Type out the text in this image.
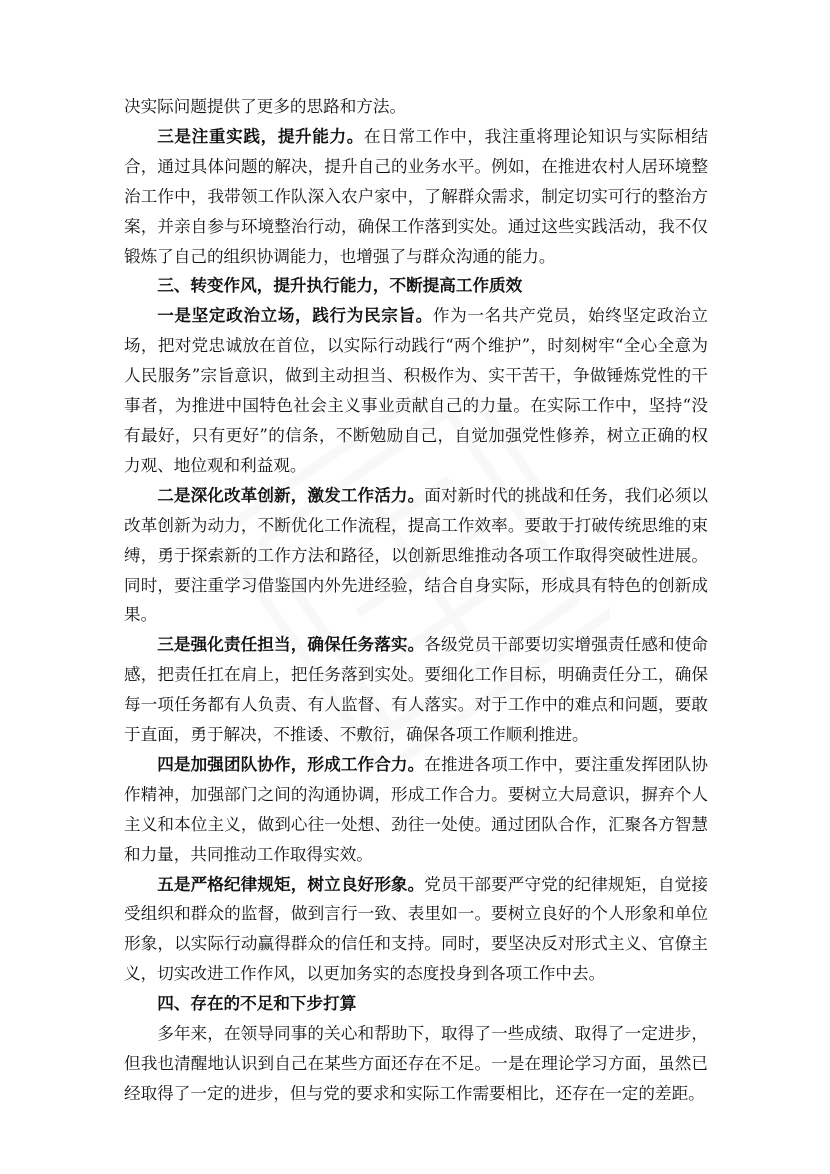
决实际问题提供了更多的思路和方法。

三是注重实践，提升能力。在日常工作中，我注重将理论知识与实际相结合，通过具体问题的解决，提升自己的业务水平。例如，在推进农村人居环境整治工作中，我带领工作队深入农户家中，了解群众需求，制定切实可行的整治方案，并亲自参与环境整治行动，确保工作落到实处。通过这些实践活动，我不仅锻炼了自己的组织协调能力，也增强了与群众沟通的能力。

三、转变作风，提升执行能力，不断提高工作质效

一是坚定政治立场，践行为民宗旨。作为一名共产党员，始终坚定政治立场，把对党忠诚放在首位，以实际行动践行“两个维护”，时刻树牢“全心全意为人民服务”宗旨意识，做到主动担当、积极作为、实干苦干，争做锤炼党性的干事者，为推进中国特色社会主义事业贡献自己的力量。在实际工作中，坚持“没有最好，只有更好”的信条，不断勉励自己，自觉加强党性修养，树立正确的权力观、地位观和利益观。

二是深化改革创新，激发工作活力。面对新时代的挑战和任务，我们必须以改革创新为动力，不断优化工作流程，提高工作效率。要敢于打破传统思维的束缚，勇于探索新的工作方法和路径，以创新思维推动各项工作取得突破性进展。同时，要注重学习借鉴国内外先进经验，结合自身实际，形成具有特色的创新成果。

三是强化责任担当，确保任务落实。各级党员干部要切实增强责任感和使命感，把责任扛在肩上，把任务落到实处。要细化工作目标，明确责任分工，确保每一项任务都有人负责、有人监督、有人落实。对于工作中的难点和问题，要敢于直面，勇于解决，不推诿、不敷衍，确保各项工作顺利推进。

四是加强团队协作，形成工作合力。在推进各项工作中，要注重发挥团队协作精神，加强部门之间的沟通协调，形成工作合力。要树立大局意识，摒弃个人主义和本位主义，做到心往一处想、劲往一处使。通过团队合作，汇聚各方智慧和力量，共同推动工作取得实效。

五是严格纪律规矩，树立良好形象。党员干部要严守党的纪律规矩，自觉接受组织和群众的监督，做到言行一致、表里如一。要树立良好的个人形象和单位形象，以实际行动赢得群众的信任和支持。同时，要坚决反对形式主义、官僚主义，切实改进工作作风，以更加务实的态度投身到各项工作中去。

四、存在的不足和下步打算

多年来，在领导同事的关心和帮助下，取得了一些成绩、取得了一定进步，但我也清醒地认识到自己在某些方面还存在不足。一是在理论学习方面，虽然已经取得了一定的进步，但与党的要求和实际工作需要相比，还存在一定的差距。
